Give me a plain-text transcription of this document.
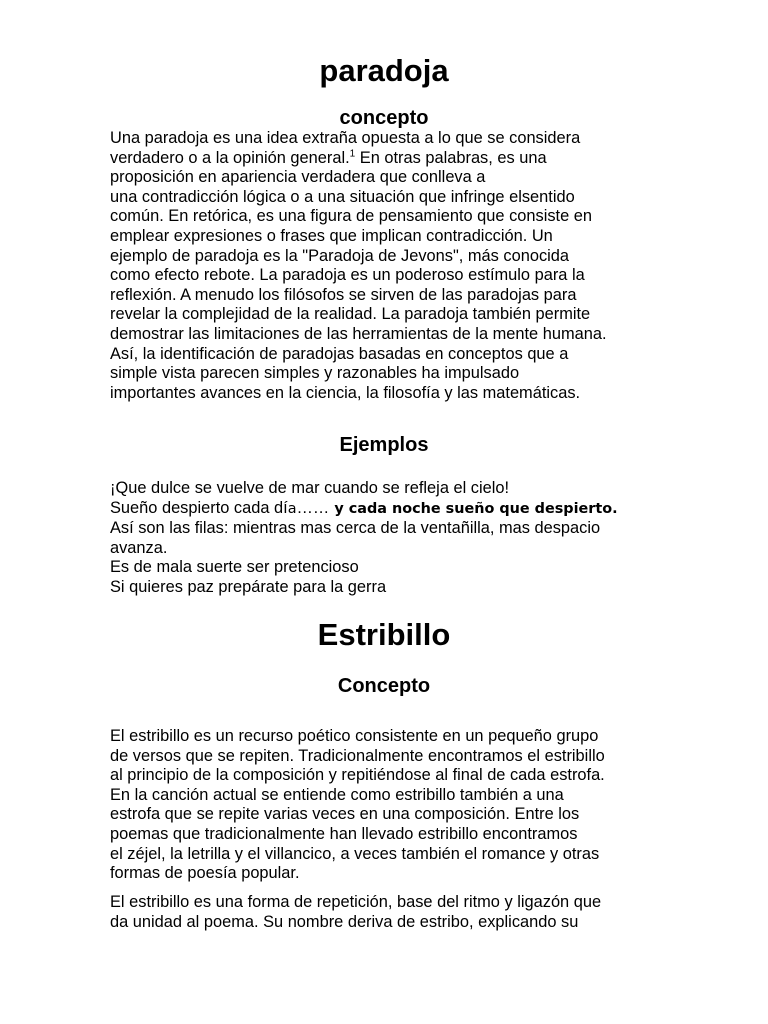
paradoja
concepto
Una paradoja es una idea extraña opuesta a lo que se considera
verdadero o a la opinión general.$^1$ En otras palabras, es una
proposición en apariencia verdadera que conlleva a
una contradicción lógica o a una situación que infringe elsentido
común. En retórica, es una figura de pensamiento que consiste en
emplear expresiones o frases que implican contradicción. Un
ejemplo de paradoja es la "Paradoja de Jevons", más conocida
como efecto rebote. La paradoja es un poderoso estímulo para la
reflexión. A menudo los filósofos se sirven de las paradojas para
revelar la complejidad de la realidad. La paradoja también permite
demostrar las limitaciones de las herramientas de la mente humana.
Así, la identificación de paradojas basadas en conceptos que a
simple vista parecen simples y razonables ha impulsado
importantes avances en la ciencia, la filosofía y las matemáticas.
Ejemplos
¡Que dulce se vuelve de mar cuando se refleja el cielo!
Sueño despierto cada día…… y cada noche sueño que despierto.
Así son las filas: mientras mas cerca de la ventañilla, mas despacio
avanza.
Es de mala suerte ser pretencioso
Si quieres paz prepárate para la gerra
Estribillo
Concepto
El estribillo es un recurso poético consistente en un pequeño grupo
de versos que se repiten. Tradicionalmente encontramos el estribillo
al principio de la composición y repitiéndose al final de cada estrofa.
En la canción actual se entiende como estribillo también a una
estrofa que se repite varias veces en una composición. Entre los
poemas que tradicionalmente han llevado estribillo encontramos
el zéjel, la letrilla y el villancico, a veces también el romance y otras
formas de poesía popular.
El estribillo es una forma de repetición, base del ritmo y ligazón que
da unidad al poema. Su nombre deriva de estribo, explicando su
